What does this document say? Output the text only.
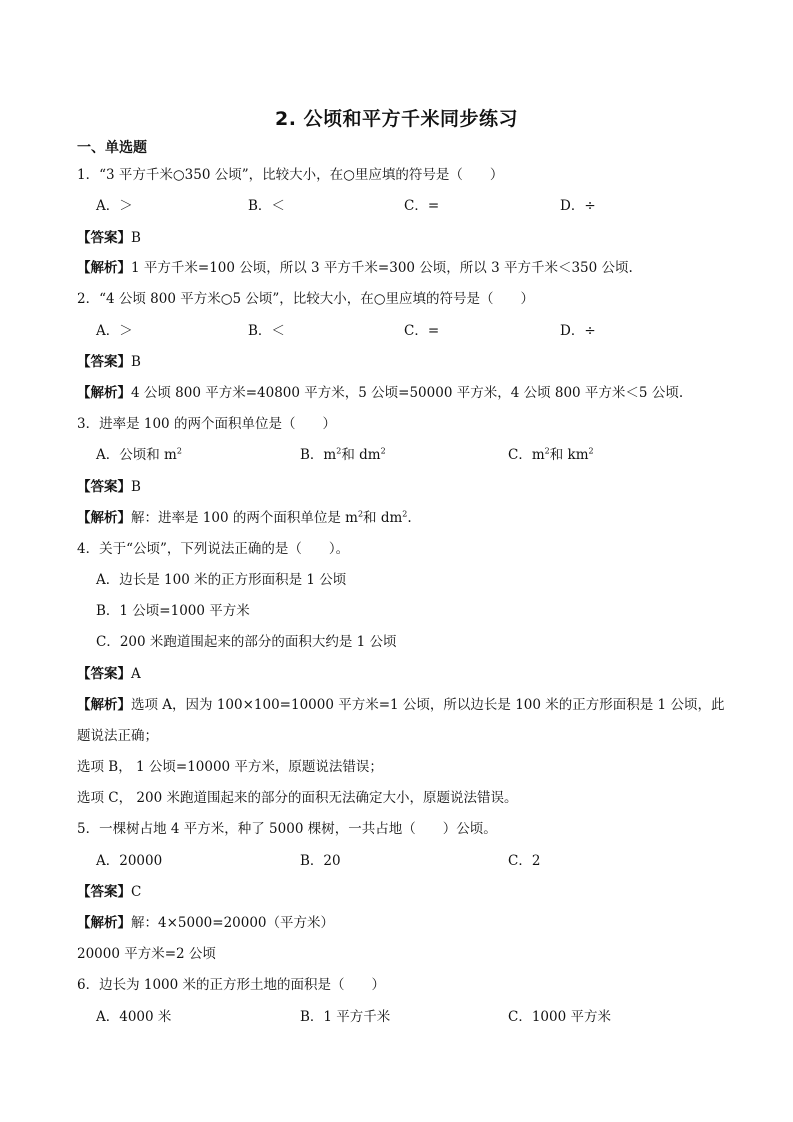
2. 公顷和平方千米同步练习
一、单选题
1．“3 平方千米○350 公顷”，比较大小，在○里应填的符号是（　　）
A．＞	B．＜	C．=	D．÷
【答案】B
【解析】1 平方千米=100 公顷，所以 3 平方千米=300 公顷，所以 3 平方千米＜350 公顷.
2．“4 公顷 800 平方米○5 公顷”，比较大小，在○里应填的符号是（　　）
A．＞	B．＜	C．=	D．÷
【答案】B
【解析】4 公顷 800 平方米=40800 平方米，5 公顷=50000 平方米，4 公顷 800 平方米＜5 公顷.
3．进率是 100 的两个面积单位是（　　）
A．公顷和 $m^2$	B．$m^2$和 $dm^2$	C．$m^2$和 $km^2$
【答案】B
【解析】解：进率是 100 的两个面积单位是 $m^2$和 $dm^2$.
4．关于“公顷”，下列说法正确的是（　　）。
A．边长是 100 米的正方形面积是 1 公顷
B．1 公顷=1000 平方米
C．200 米跑道围起来的部分的面积大约是 1 公顷
【答案】A
【解析】选项 A，因为 100×100=10000 平方米=1 公顷，所以边长是 100 米的正方形面积是 1 公顷，此
题说法正确；
选项 B， 1 公顷=10000 平方米，原题说法错误；
选项 C， 200 米跑道围起来的部分的面积无法确定大小，原题说法错误。
5．一棵树占地 4 平方米，种了 5000 棵树，一共占地（　　）公顷。
A．20000	B．20	C．2
【答案】C
【解析】解：4×5000=20000（平方米）
20000 平方米=2 公顷
6．边长为 1000 米的正方形土地的面积是（　　）
A．4000 米	B．1 平方千米	C．1000 平方米
